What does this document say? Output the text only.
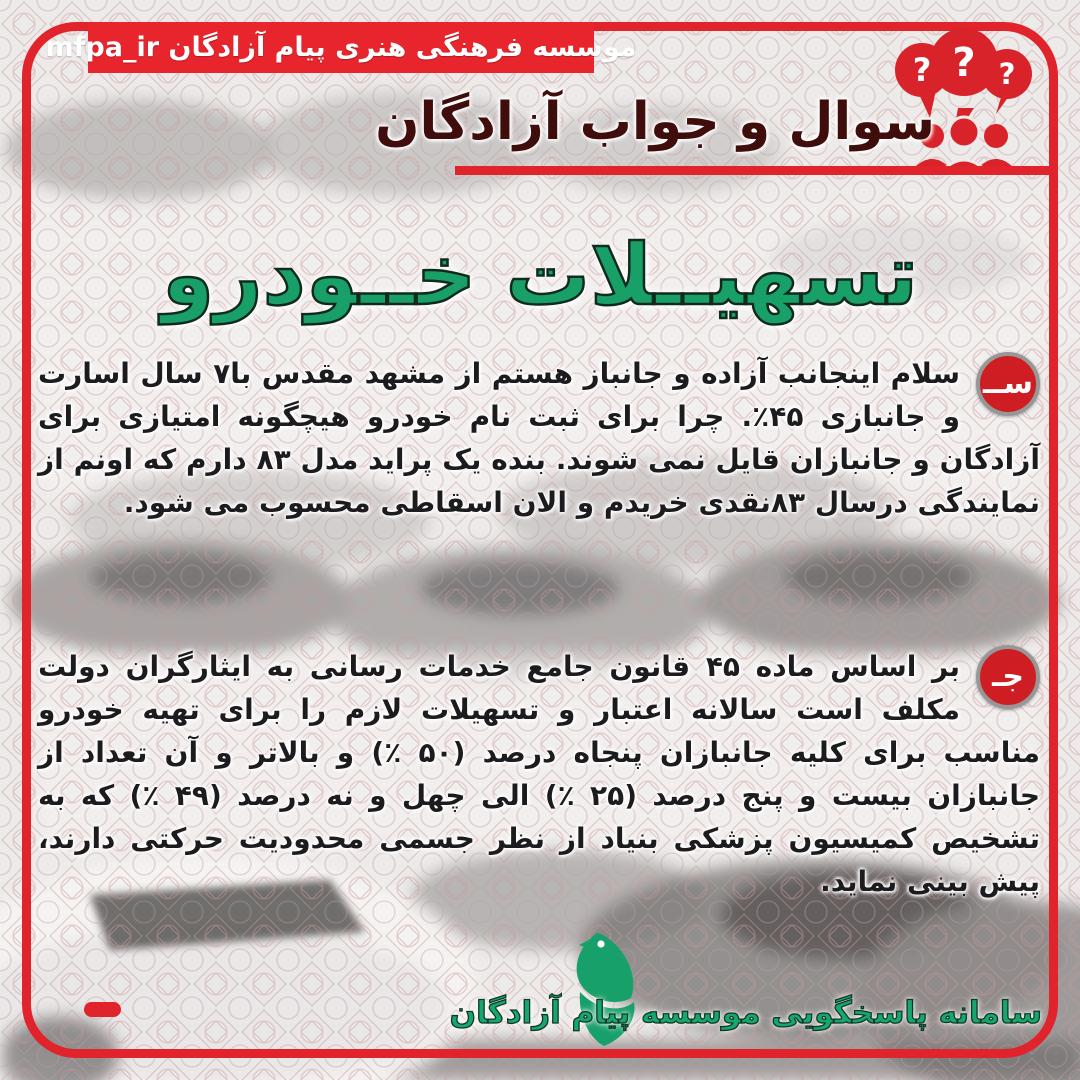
موسسه فرهنگی هنری پیام آزادگان mfpa_ir
? ? ?
سوال و جواب آزادگان
تسهیــلات خــودرو
ســ
سلام اینجانب آزاده و جانباز هستم از مشهد مقدس با۷ سال اسارت و جانبازی ۴۵٪. چرا برای ثبت نام خودرو هیچگونه امتیازی برای آزادگان و جانبازان قایل نمی شوند. بنده یک پراید مدل ۸۳ دارم که اونم از نمایندگی درسال ۸۳نقدی خریدم و الان اسقاطی محسوب می شود.
جـ
بر اساس ماده ۴۵ قانون جامع خدمات رسانی به ایثارگران دولت مکلف است سالانه اعتبار و تسهیلات لازم را برای تهیه خودرو مناسب برای کلیه جانبازان پنجاه درصد (۵۰ ٪) و بالاتر و آن تعداد از جانبازان بیست و پنج درصد (۲۵ ٪) الی چهل و نه درصد (۴۹ ٪) که به تشخیص کمیسیون پزشکی بنیاد از نظر جسمی محدودیت حرکتی دارند، پیش بینی نماید.
سامانه پاسخگویی موسسه پیام آزادگان
